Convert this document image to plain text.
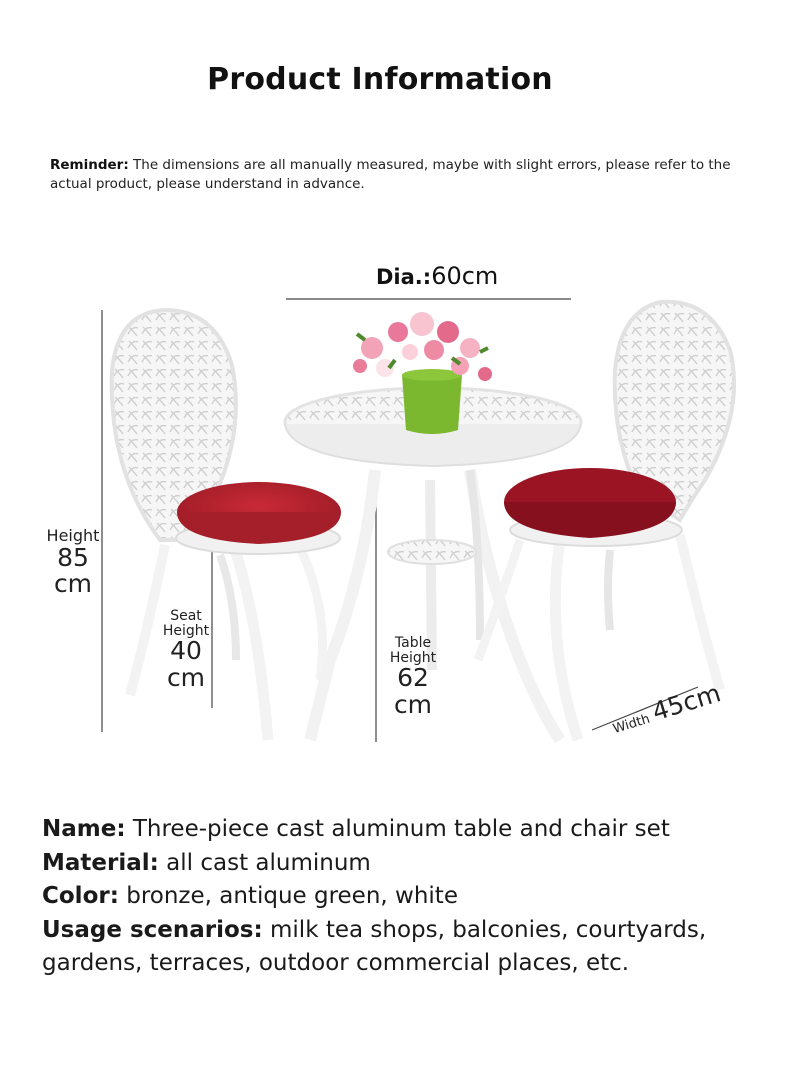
Product Information
Reminder: The dimensions are all manually measured, maybe with slight errors, please refer to the actual product, please understand in advance.
Dia.:60cm
Height
85
cm
Seat
Height
40
cm
Table
Height
62
cm
Width 45cm

Name: Three-piece cast aluminum table and chair set

Material: all cast aluminum

Color: bronze, antique green, white

Usage scenarios: milk tea shops, balconies, courtyards, gardens, terraces, outdoor commercial places, etc.
